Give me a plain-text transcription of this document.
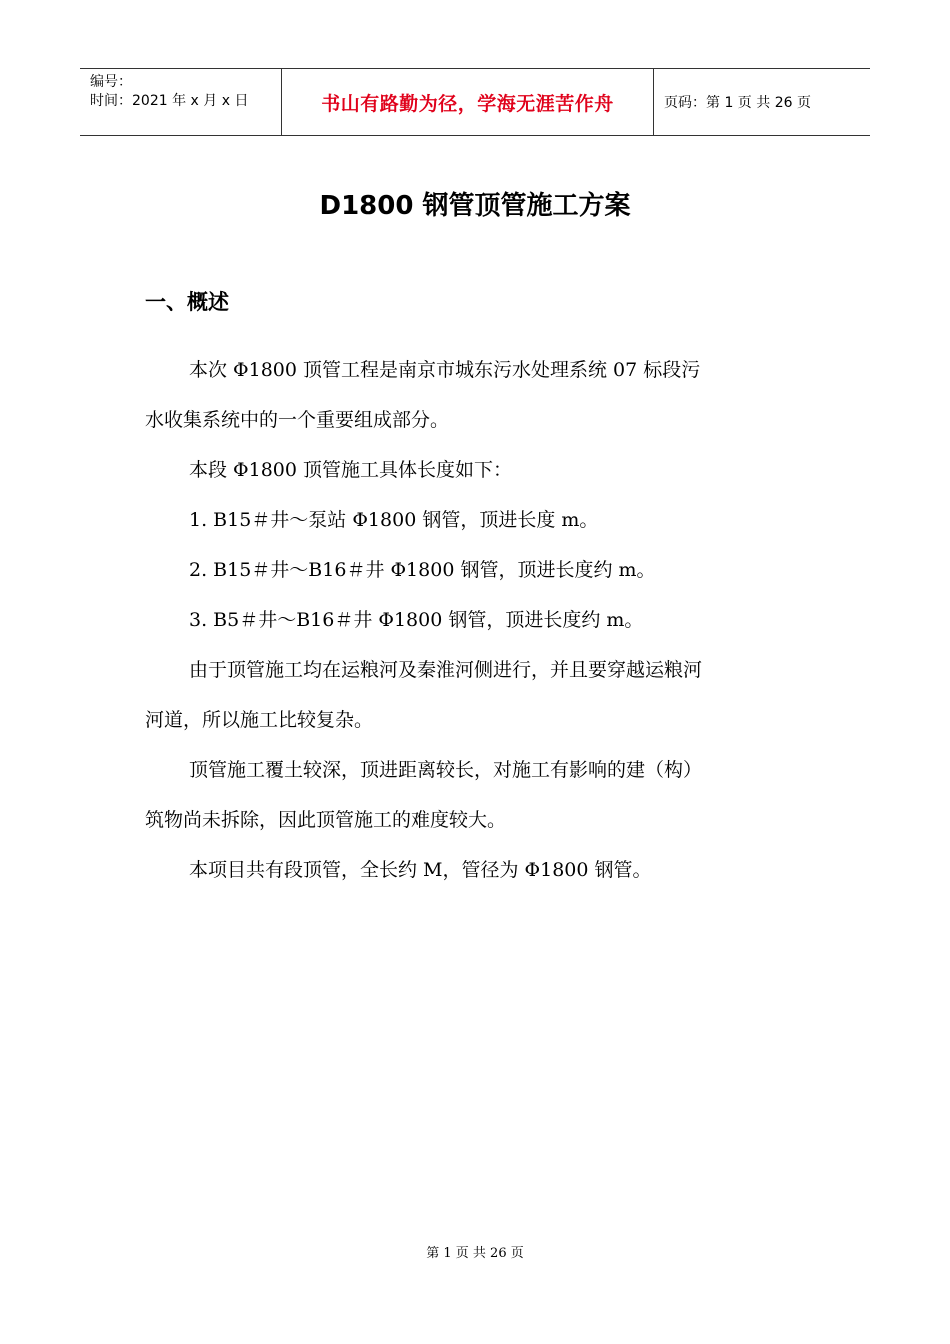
编号：
时间：2021 年 x 月 x 日	书山有路勤为径，学海无涯苦作舟	页码：第 1 页 共 26 页
D1800 钢管顶管施工方案
一、概述
本次 Φ1800 顶管工程是南京市城东污水处理系统 07 标段污
水收集系统中的一个重要组成部分。
本段 Φ1800 顶管施工具体长度如下：
1. B15＃井～泵站 Φ1800 钢管，顶进长度 m。
2. B15＃井～B16＃井 Φ1800 钢管，顶进长度约 m。
3. B5＃井～B16＃井 Φ1800 钢管，顶进长度约 m。
由于顶管施工均在运粮河及秦淮河侧进行，并且要穿越运粮河
河道，所以施工比较复杂。
顶管施工覆土较深，顶进距离较长，对施工有影响的建（构）
筑物尚未拆除，因此顶管施工的难度较大。
本项目共有段顶管，全长约 M，管径为 Φ1800 钢管。
第 1 页 共 26 页
